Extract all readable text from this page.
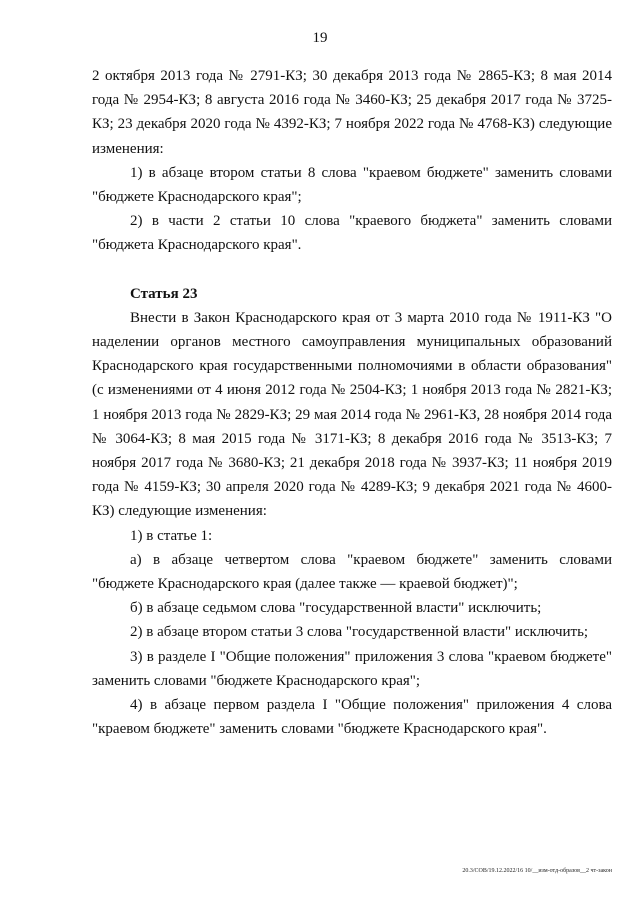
19

2 октября 2013 года № 2791-КЗ; 30 декабря 2013 года № 2865-КЗ; 8 мая 2014 года № 2954-КЗ; 8 августа 2016 года № 3460-КЗ; 25 декабря 2017 года № 3725-КЗ; 23 декабря 2020 года № 4392-КЗ; 7 ноября 2022 года № 4768-КЗ) следующие изменения:

1) в абзаце втором статьи 8 слова "краевом бюджете" заменить словами "бюджете Краснодарского края";

2) в части 2 статьи 10 слова "краевого бюджета" заменить словами "бюджета Краснодарского края".

Статья 23

Внести в Закон Краснодарского края от 3 марта 2010 года № 1911-КЗ "О наделении органов местного самоуправления муниципальных образований Краснодарского края государственными полномочиями в области образования" (с изменениями от 4 июня 2012 года № 2504-КЗ; 1 ноября 2013 года № 2821-КЗ; 1 ноября 2013 года № 2829-КЗ; 29 мая 2014 года № 2961-КЗ, 28 ноября 2014 года № 3064-КЗ; 8 мая 2015 года № 3171-КЗ; 8 декабря 2016 года № 3513-КЗ; 7 ноября 2017 года № 3680-КЗ; 21 декабря 2018 года № 3937-КЗ; 11 ноября 2019 года № 4159-КЗ; 30 апреля 2020 года № 4289-КЗ; 9 декабря 2021 года № 4600-КЗ) следующие изменения:

1) в статье 1:

а) в абзаце четвертом слова "краевом бюджете" заменить словами "бюджете Краснодарского края (далее также — краевой бюджет)";

б) в абзаце седьмом слова "государственной власти" исключить;

2) в абзаце втором статьи 3 слова "государственной власти" исключить;

3) в разделе I "Общие положения" приложения 3 слова "краевом бюджете" заменить словами "бюджете Краснодарского края";

4) в абзаце первом раздела I "Общие положения" приложения 4 слова "краевом бюджете" заменить словами "бюджете Краснодарского края".

20.3/СОВ/19.12.2022/16 10/__изм-отд-образов__2 чт-закон
